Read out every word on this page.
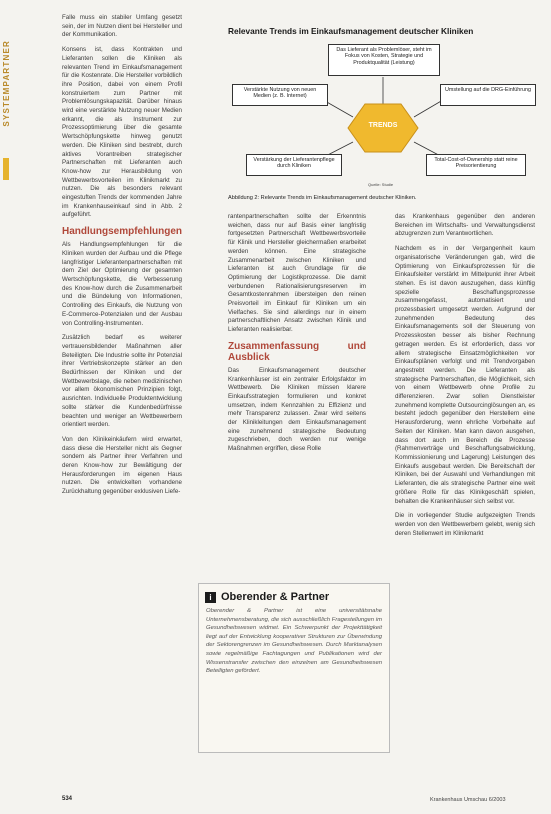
SYSTEMPARTNER

Falle muss ein stabiler Umfang gesetzt sein, der im Nutzen dient bei Hersteller und der Kommunikation.

Konsens ist, dass Kontrakten und Lieferanten sollen die Kliniken als relevanten Trend im Einkaufsmanagement für die Kostenrate. Die Hersteller vorbildlich ihre Position, dabei von einem Profil konstruiertem zum Partner mit Problemlösungskapazität. Darüber hinaus wird eine verstärkte Nutzung neuer Medien erkannt, die als Instrument zur Prozessoptimierung über die gesamte Wertschöpfungskette hinweg genutzt werden. Die Kliniken sind bestrebt, durch aktives Vorantreiben strategischer Partnerschaften mit Lieferanten auch Know-how zur Herausbildung von Wettbewerbsvorteilen im Klinikmarkt zu nutzen. Die als besonders relevant eingestuften Trends der kommenden Jahre im Krankenhauseinkauf sind in Abb. 2 aufgeführt.

Handlungsempfehlungen

Als Handlungsempfehlungen für die Kliniken wurden der Aufbau und die Pflege langfristiger Lieferantenpartnerschaften mit dem Ziel der Optimierung der gesamten Wertschöpfungskette, die Verbesserung des Know-how durch die Zusammenarbeit und die Bündelung von Informationen, Controlling des Einkaufs, die Nutzung von E-Commerce-Potenzialen und der Ausbau von Controlling-Instrumenten.

Zusätzlich bedarf es weiterer vertrauensbildender Maßnahmen aller Beteiligten. Die Industrie sollte ihr Potenzial ihrer Vertriebskonzepte stärker an den Bedürfnissen der Kliniken und der Wettbewerbslage, die neben medizinischen vor allem ökonomischen Prinzipien folgt, ausrichten. Individuelle Produktentwicklung sollte stärker die Kundenbedürfnisse beachten und weniger an Wettbewerbern orientiert werden.

Von den Klinikeinkäufern wird erwartet, dass diese die Hersteller nicht als Gegner sondern als Partner ihrer Verfahren und deren Know-how zur Bewältigung der Herausforderungen im eigenen Haus nutzen. Die entwickelten vorhandene Zurückhaltung gegenüber exklusiven Liefe-

Relevante Trends im Einkaufsmanagement deutscher Kliniken
Das Lieferant als Problemlöser, steht im Fokus von Kosten, Strategie und Produktqualität (Leistung)
Verstärkte Nutzung von neuen Medien (z. B. Internet)
Umstellung auf die DRG-Einführung
TRENDS
Verstärkung der Lieferantenpflege durch Kliniken
Total-Cost-of-Ownership statt reine Preisorientierung
Quelle: Studie
Abbildung 2: Relevante Trends im Einkaufsmanagement deutscher Kliniken.

rantenpartnerschaften sollte der Erkenntnis weichen, dass nur auf Basis einer langfristig fortgesetzten Partnerschaft Wettbewerbsvorteile für Klinik und Hersteller gleichermaßen erarbeitet werden können. Eine strategische Zusammenarbeit zwischen Kliniken und Lieferanten ist auch Grundlage für die Optimierung der Logistikprozesse. Die damit verbundenen Rationalisierungsreserven im Gesamtkostenrahmen übersteigen den reinen Preisvorteil im Einkauf für Kliniken um ein Vielfaches. Sie sind allerdings nur in einem partnerschaftlichen Ansatz zwischen Klinik und Lieferanten realisierbar.

Zusammenfassung und Ausblick

Das Einkaufsmanagement deutscher Krankenhäuser ist ein zentraler Erfolgsfaktor im Wettbewerb. Die Kliniken müssen klarere Einkaufsstrategien formulieren und konkret umsetzen, indem Kennzahlen zu Effizienz und mehr Transparenz zulassen. Zwar wird seitens der Klinikleitungen dem Einkaufsmanagement eine zunehmend strategische Bedeutung zugeschrieben, doch werden nur wenige Maßnahmen ergriffen, diese Rolle

i Oberender & Partner
Oberender & Partner ist eine universitätsnahe Unternehmensberatung, die sich ausschließlich Fragestellungen im Gesundheitswesen widmet. Ein Schwerpunkt der Projekttätigkeit liegt auf der Entwicklung kooperativer Strukturen zur Überwindung der Sektorengrenzen im Gesundheitswesen. Durch Marktanalysen sowie regelmäßige Fachtagungen und Publikationen wird der Wissenstransfer zwischen den einzelnen am Gesundheitswesen Beteiligten gefördert.

das Krankenhaus gegenüber den anderen Bereichen im Wirtschafts- und Verwaltungsdienst abzugrenzen zum Verantwortlichen.

Nachdem es in der Vergangenheit kaum organisatorische Veränderungen gab, wird die Optimierung von Einkaufsprozessen für die Einkaufsleiter verstärkt im Mittelpunkt ihrer Arbeit stehen. Es ist davon auszugehen, dass künftig spezielle Beschaffungsprozesse zusammengefasst, automatisiert und prozessbasiert umgesetzt werden. Aufgrund der zunehmenden Bedeutung des Einkaufsmanagements soll der Steuerung von Prozesskosten besser als bisher Rechnung getragen werden. Es ist erforderlich, dass vor allem strategische Einsatzmöglichkeiten vor Einkaufsplänen verfolgt und mit Trendvorgaben angestrebt werden. Die Lieferanten als strategische Partnerschaften, die Möglichkeit, sich von einem Wettbewerb ohne Profile zu differenzieren. Zwar sollen Dienstleister zunehmend komplette Outsourcinglösungen an, es besteht jedoch gegenüber den Herstellern eine Herausforderung, wenn ehrliche Vorbehalte auf Seiten der Kliniken. Man kann davon ausgehen, dass dort auch im Bereich die Prozesse (Rahmenverträge und Beschaffungsabwicklung, Kommissionierung und Lagerung) Leistungen des Einkaufs ausgebaut werden. Die Bereitschaft der Kliniken, bei der Auswahl und Verhandlungen mit Lieferanten, die als strategische Partner eine weit größere Rolle für das Klinikgeschäft spielen, behalten die Krankenhäuser sich selbst vor.

Die in vorliegender Studie aufgezeigten Trends werden von den Wettbewerbern gelebt, wenig sich deren Stellenwert im Klinikmarkt

534	Krankenhaus Umschau 6/2003
